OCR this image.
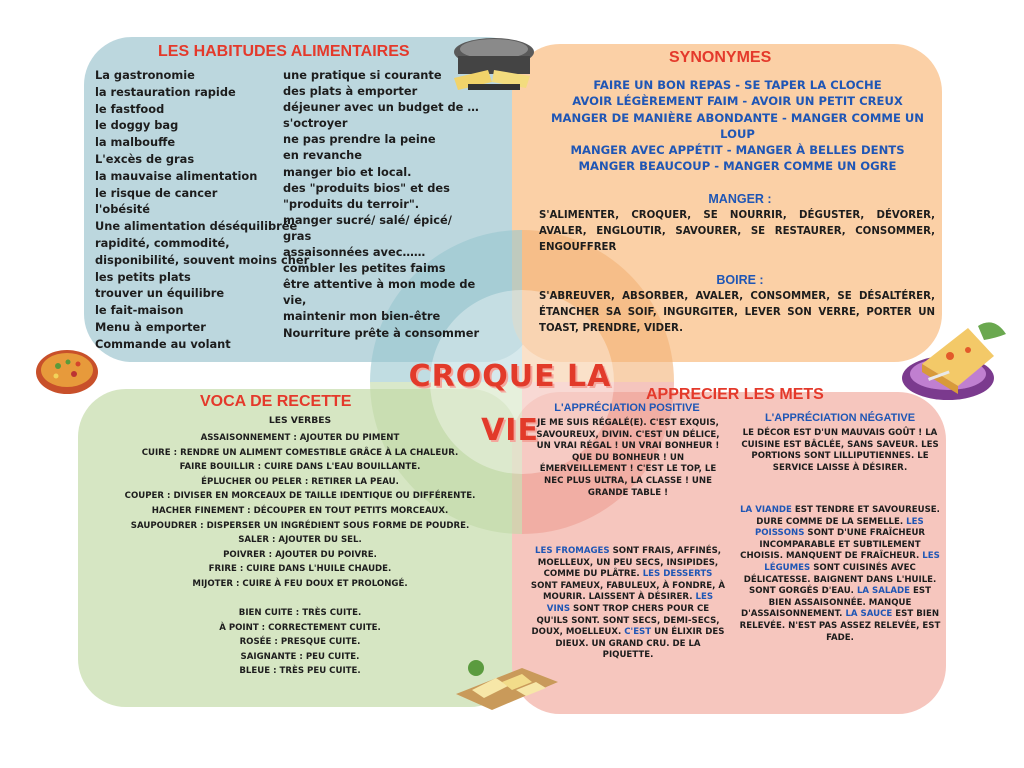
LES HABITUDES ALIMENTAIRES
La gastronomie
la restauration rapide
le fastfood
le doggy bag
la malbouffe
L'excès de gras
la mauvaise alimentation
le risque de cancer
l'obésité
Une alimentation déséquilibrée
rapidité, commodité,
disponibilité, souvent moins cher
les petits plats
trouver un équilibre
le fait-maison
Menu à emporter
Commande au volant
une pratique si courante
des plats à emporter
déjeuner avec un budget de …
s'octroyer
ne pas prendre la peine
en revanche
manger bio et local.
des "produits bios" et des
"produits du terroir".
manger sucré/ salé/ épicé/
gras
assaisonnées avec……
combler les petites faims
être attentive à mon mode de
vie,
maintenir mon bien-être
Nourriture prête à consommer
SYNONYMES
FAIRE UN BON REPAS - SE TAPER LA CLOCHE
AVOIR LÉGÈREMENT FAIM - AVOIR UN PETIT CREUX
MANGER DE MANIÈRE ABONDANTE - MANGER COMME UN LOUP
MANGER AVEC APPÉTIT - MANGER À BELLES DENTS
MANGER BEAUCOUP - MANGER COMME UN OGRE
MANGER :
S'ALIMENTER, CROQUER, SE NOURRIR, DÉGUSTER, DÉVORER, AVALER, ENGLOUTIR, SAVOURER, SE RESTAURER, CONSOMMER, ENGOUFFRER
BOIRE :
S'ABREUVER, ABSORBER, AVALER, CONSOMMER, SE DÉSALTÉRER, ÉTANCHER SA SOIF, INGURGITER, LEVER SON VERRE, PORTER UN TOAST, PRENDRE, VIDER.
CROQUE LA VIE
VOCA DE RECETTE
LES VERBES
ASSAISONNEMENT : AJOUTER DU PIMENT
CUIRE : RENDRE UN ALIMENT COMESTIBLE GRÂCE À LA CHALEUR.
FAIRE BOUILLIR : CUIRE DANS L'EAU BOUILLANTE.
ÉPLUCHER OU PELER : RETIRER LA PEAU.
COUPER : DIVISER EN MORCEAUX DE TAILLE IDENTIQUE OU DIFFÉRENTE.
HACHER FINEMENT : DÉCOUPER EN TOUT PETITS MORCEAUX.
SAUPOUDRER : DISPERSER UN INGRÉDIENT SOUS FORME DE POUDRE.
SALER : AJOUTER DU SEL.
POIVRER : AJOUTER DU POIVRE.
FRIRE : CUIRE DANS L'HUILE CHAUDE.
MIJOTER : CUIRE À FEU DOUX ET PROLONGÉ.
BIEN CUITE : TRÈS CUITE.
À POINT : CORRECTEMENT CUITE.
ROSÉE : PRESQUE CUITE.
SAIGNANTE : PEU CUITE.
BLEUE : TRÈS PEU CUITE.
APPRECIER LES METS
L'APPRÉCIATION POSITIVE
JE ME SUIS RÉGALÉ(E). C'EST EXQUIS, SAVOUREUX, DIVIN. C'EST UN DÉLICE, UN VRAI RÉGAL ! UN VRAI BONHEUR ! QUE DU BONHEUR ! UN ÉMERVEILLEMENT ! C'EST LE TOP, LE NEC PLUS ULTRA, LA CLASSE ! UNE GRANDE TABLE !
LES FROMAGES SONT FRAIS, AFFINÉS, MOELLEUX, UN PEU SECS, INSIPIDES, COMME DU PLÂTRE. LES DESSERTS SONT FAMEUX, FABULEUX, À FONDRE, À MOURIR. LAISSENT À DÉSIRER. LES VINS SONT TROP CHERS POUR CE QU'ILS SONT. SONT SECS, DEMI-SECS, DOUX, MOELLEUX. C'EST UN ÉLIXIR DES DIEUX. UN GRAND CRU. DE LA PIQUETTE.
L'APPRÉCIATION NÉGATIVE
LE DÉCOR EST D'UN MAUVAIS GOÛT ! LA CUISINE EST BÂCLÉE, SANS SAVEUR. LES PORTIONS SONT LILLIPUTIENNES. LE SERVICE LAISSE À DÉSIRER.
LA VIANDE EST TENDRE ET SAVOUREUSE. DURE COMME DE LA SEMELLE. LES POISSONS SONT D'UNE FRAÎCHEUR INCOMPARABLE ET SUBTILEMENT CHOISIS. MANQUENT DE FRAÎCHEUR. LES LÉGUMES SONT CUISINÉS AVEC DÉLICATESSE. BAIGNENT DANS L'HUILE. SONT GORGÉS D'EAU. LA SALADE EST BIEN ASSAISONNÉE. MANQUE D'ASSAISONNEMENT. LA SAUCE EST BIEN RELEVÉE. N'EST PAS ASSEZ RELEVÉE, EST FADE.
